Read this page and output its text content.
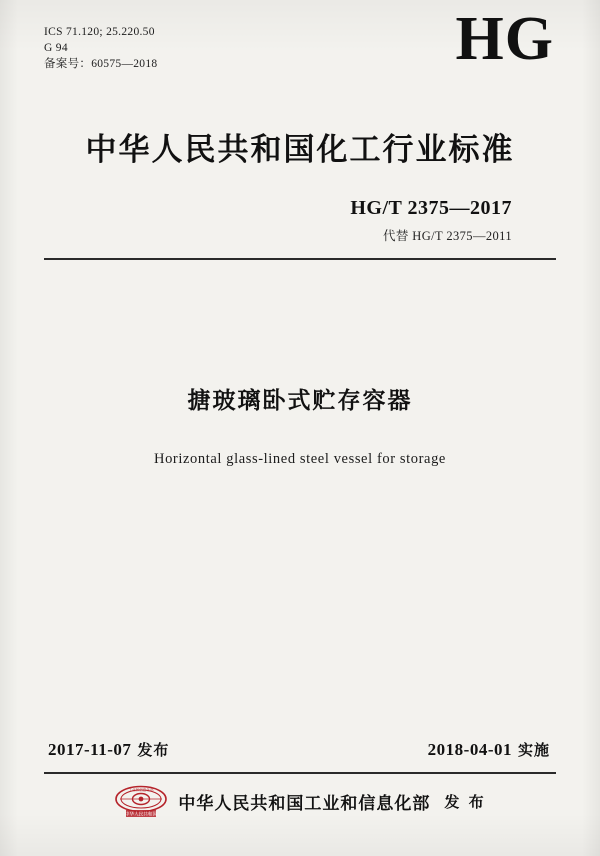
ICS 71.120; 25.220.50
G 94
备案号：60575—2018	HG
中华人民共和国化工行业标准
HG/T 2375—2017
代替 HG/T 2375—2011
搪玻璃卧式贮存容器
Horizontal glass-lined steel vessel for storage
2017-11-07 发布	2018-04-01 实施
中华人民共和国
工业和信息化部
中华人民共和国工业和信息化部 发 布
